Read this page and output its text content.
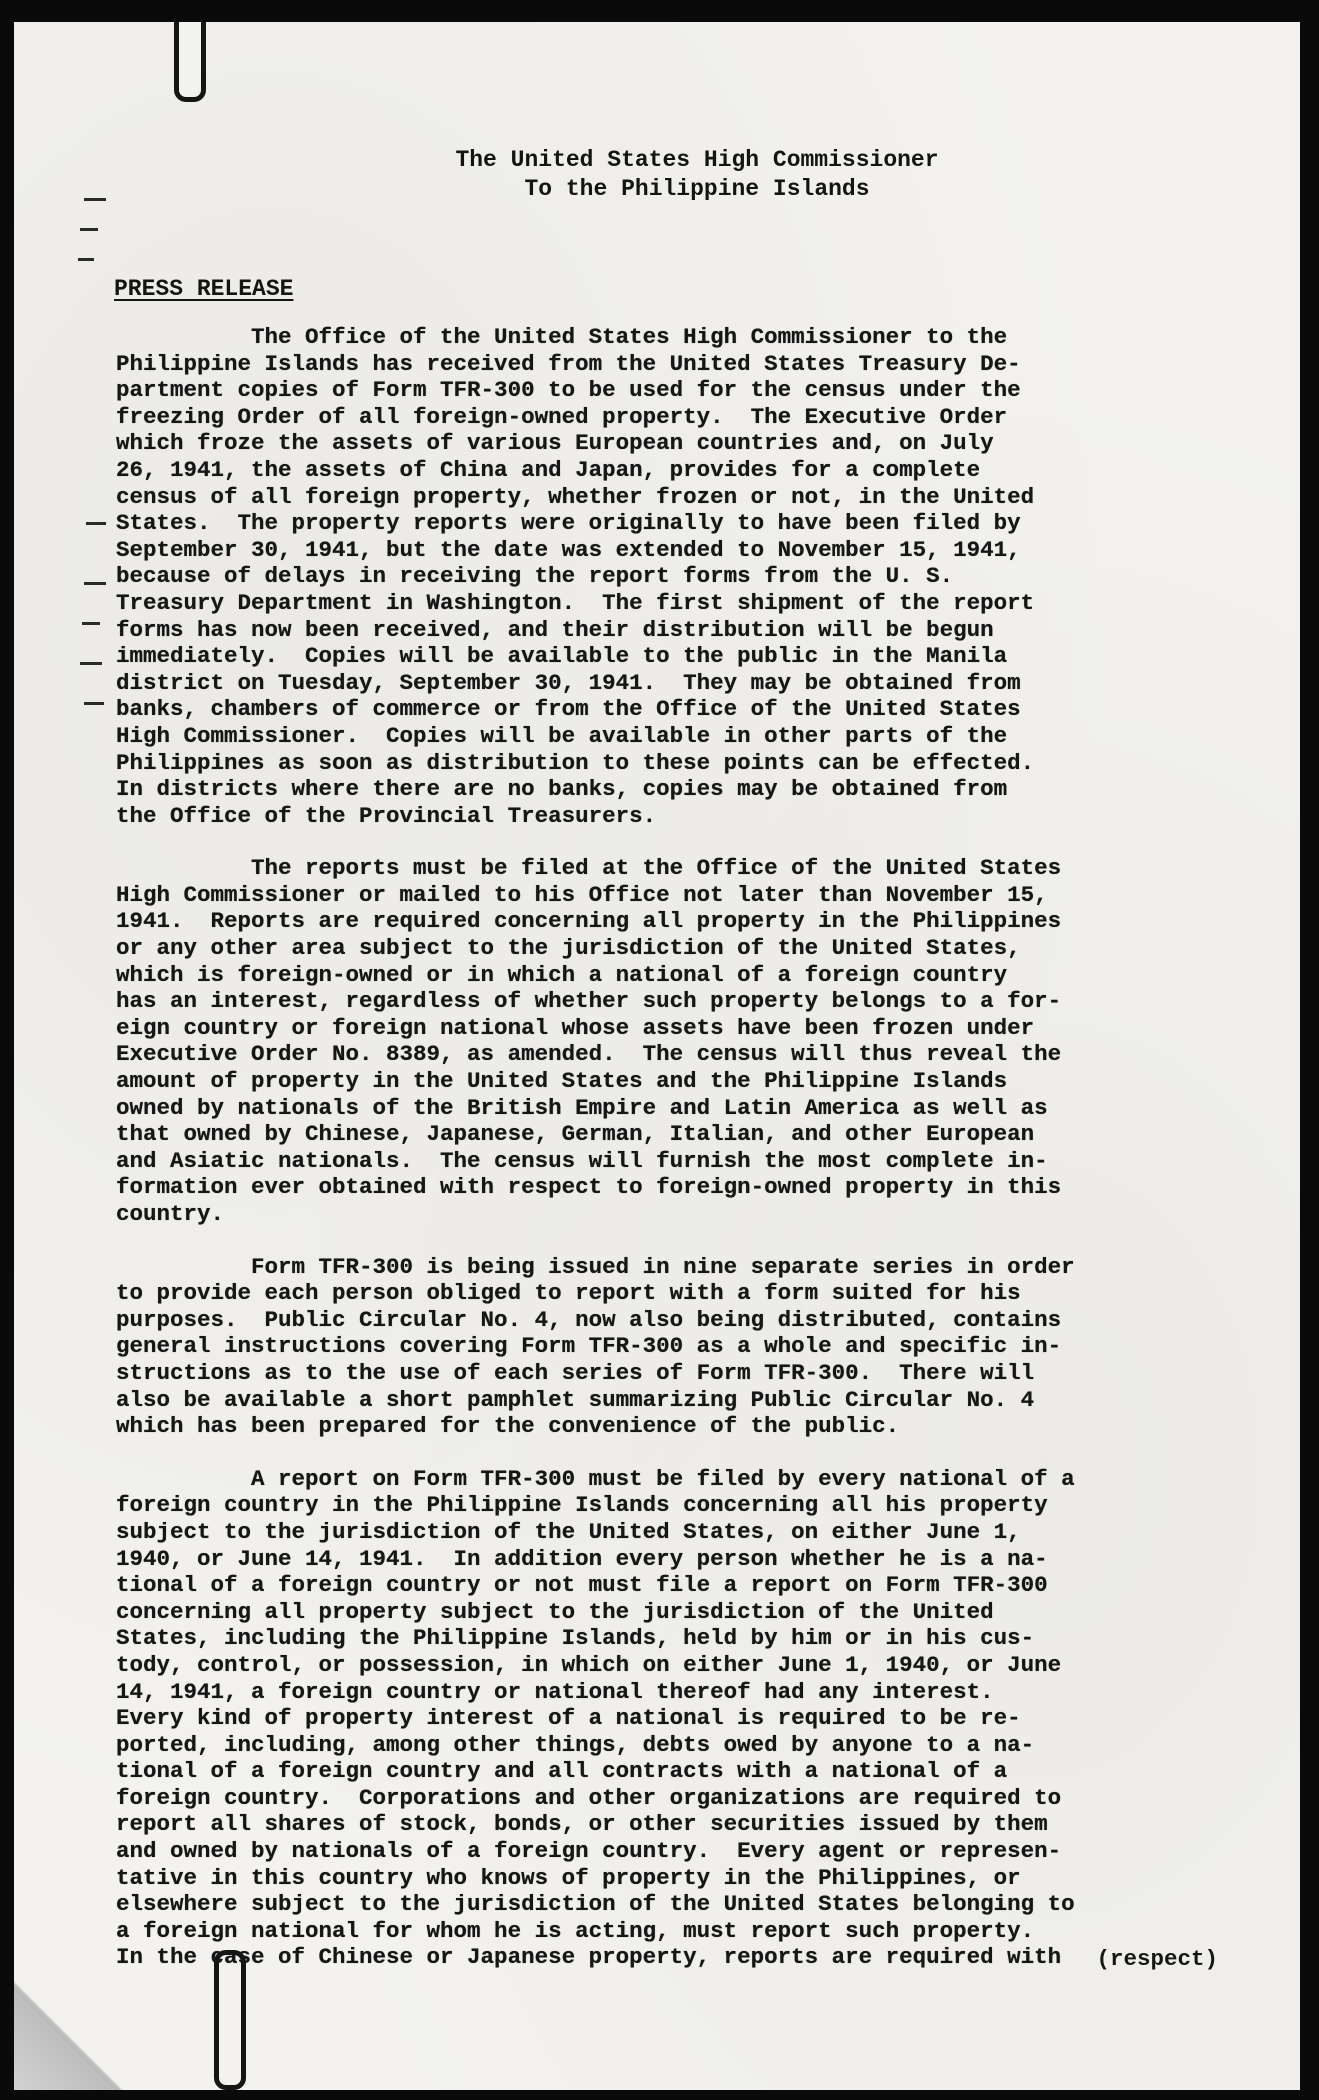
The United States High Commissioner
To the Philippine Islands
PRESS RELEASE

The Office of the United States High Commissioner to the
Philippine Islands has received from the United States Treasury De-
partment copies of Form TFR-300 to be used for the census under the
freezing Order of all foreign-owned property.  The Executive Order
which froze the assets of various European countries and, on July
26, 1941, the assets of China and Japan, provides for a complete
census of all foreign property, whether frozen or not, in the United
States.  The property reports were originally to have been filed by
September 30, 1941, but the date was extended to November 15, 1941,
because of delays in receiving the report forms from the U. S.
Treasury Department in Washington.  The first shipment of the report
forms has now been received, and their distribution will be begun
immediately.  Copies will be available to the public in the Manila
district on Tuesday, September 30, 1941.  They may be obtained from
banks, chambers of commerce or from the Office of the United States
High Commissioner.  Copies will be available in other parts of the
Philippines as soon as distribution to these points can be effected.
In districts where there are no banks, copies may be obtained from
the Office of the Provincial Treasurers.

The reports must be filed at the Office of the United States
High Commissioner or mailed to his Office not later than November 15,
1941.  Reports are required concerning all property in the Philippines
or any other area subject to the jurisdiction of the United States,
which is foreign-owned or in which a national of a foreign country
has an interest, regardless of whether such property belongs to a for-
eign country or foreign national whose assets have been frozen under
Executive Order No. 8389, as amended.  The census will thus reveal the
amount of property in the United States and the Philippine Islands
owned by nationals of the British Empire and Latin America as well as
that owned by Chinese, Japanese, German, Italian, and other European
and Asiatic nationals.  The census will furnish the most complete in-
formation ever obtained with respect to foreign-owned property in this
country.

Form TFR-300 is being issued in nine separate series in order
to provide each person obliged to report with a form suited for his
purposes.  Public Circular No. 4, now also being distributed, contains
general instructions covering Form TFR-300 as a whole and specific in-
structions as to the use of each series of Form TFR-300.  There will
also be available a short pamphlet summarizing Public Circular No. 4
which has been prepared for the convenience of the public.

A report on Form TFR-300 must be filed by every national of a
foreign country in the Philippine Islands concerning all his property
subject to the jurisdiction of the United States, on either June 1,
1940, or June 14, 1941.  In addition every person whether he is a na-
tional of a foreign country or not must file a report on Form TFR-300
concerning all property subject to the jurisdiction of the United
States, including the Philippine Islands, held by him or in his cus-
tody, control, or possession, in which on either June 1, 1940, or June
14, 1941, a foreign country or national thereof had any interest.
Every kind of property interest of a national is required to be re-
ported, including, among other things, debts owed by anyone to a na-
tional of a foreign country and all contracts with a national of a
foreign country.  Corporations and other organizations are required to
report all shares of stock, bonds, or other securities issued by them
and owned by nationals of a foreign country.  Every agent or represen-
tative in this country who knows of property in the Philippines, or
elsewhere subject to the jurisdiction of the United States belonging to
a foreign national for whom he is acting, must report such property.
In the case of Chinese or Japanese property, reports are required with	(respect)
